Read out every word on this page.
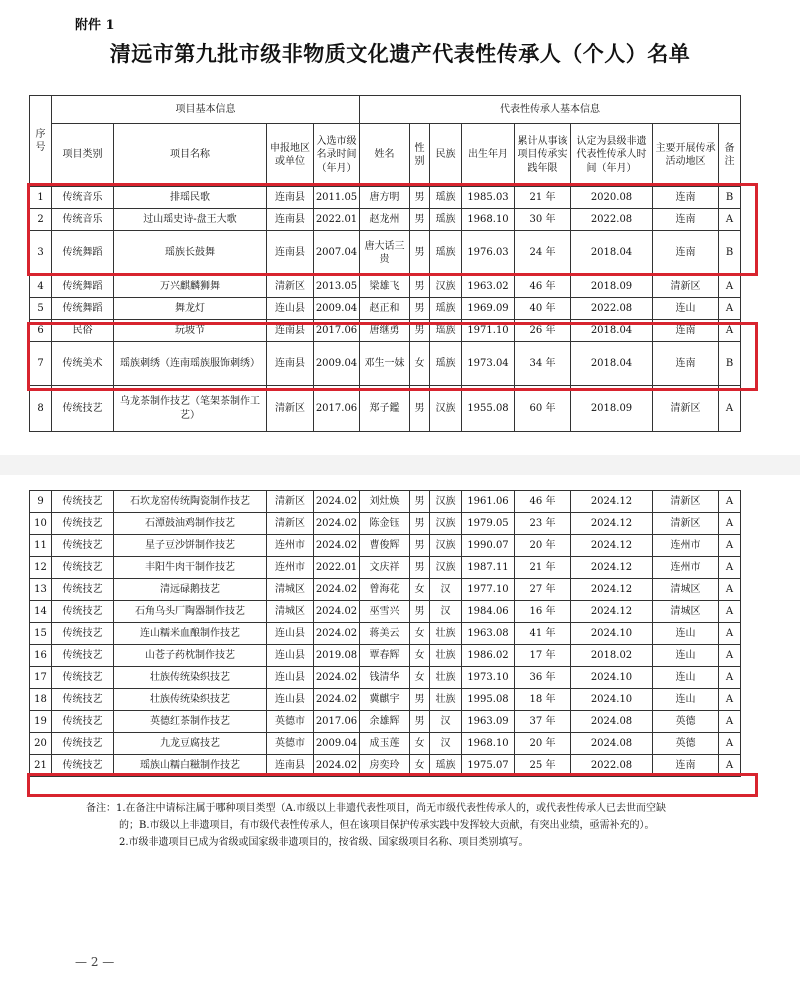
附件 1
清远市第九批市级非物质文化遗产代表性传承人（个人）名单
序号	项目基本信息				代表性传承人基本信息							
	项目类别	项目名称	申报地区或单位	入选市级名录时间（年月）	姓名	性别	民族	出生年月	累计从事该项目传承实践年限	认定为县级非遗代表性传承人时间（年月）	主要开展传承活动地区	备注
1	传统音乐	排瑶民歌	连南县	2011.05	唐方明	男	瑶族	1985.03	21 年	2020.08	连南	B
2	传统音乐	过山瑶史诗-盘王大歌	连南县	2022.01	赵龙州	男	瑶族	1968.10	30 年	2022.08	连南	A
3	传统舞蹈	瑶族长鼓舞	连南县	2007.04	唐大话三贵	男	瑶族	1976.03	24 年	2018.04	连南	B
4	传统舞蹈	万兴麒麟狮舞	清新区	2013.05	梁雄飞	男	汉族	1963.02	46 年	2018.09	清新区	A
5	传统舞蹈	舞龙灯	连山县	2009.04	赵正和	男	瑶族	1969.09	40 年	2022.08	连山	A
6	民俗	玩坡节	连南县	2017.06	唐继勇	男	瑶族	1971.10	26 年	2018.04	连南	A
7	传统美术	瑶族刺绣（连南瑶族服饰刺绣）	连南县	2009.04	邓生一妹	女	瑶族	1973.04	34 年	2018.04	连南	B
8	传统技艺	乌龙茶制作技艺（笔架茶制作工艺）	清新区	2017.06	郑子鑑	男	汉族	1955.08	60 年	2018.09	清新区	A
9	传统技艺	石坎龙窑传统陶瓷制作技艺	清新区	2024.02	刘灶焕	男	汉族	1961.06	46 年	2024.12	清新区	A
10	传统技艺	石潭鼓油鸡制作技艺	清新区	2024.02	陈金钰	男	汉族	1979.05	23 年	2024.12	清新区	A
11	传统技艺	星子豆沙饼制作技艺	连州市	2024.02	曹俊辉	男	汉族	1990.07	20 年	2024.12	连州市	A
12	传统技艺	丰阳牛肉干制作技艺	连州市	2022.01	文庆祥	男	汉族	1987.11	21 年	2024.12	连州市	A
13	传统技艺	清远碌鹅技艺	清城区	2024.02	曾海花	女	汉	1977.10	27 年	2024.12	清城区	A
14	传统技艺	石角乌头厂陶器制作技艺	清城区	2024.02	巫雪兴	男	汉	1984.06	16 年	2024.12	清城区	A
15	传统技艺	连山糯米血酿制作技艺	连山县	2024.02	蒋美云	女	壮族	1963.08	41 年	2024.10	连山	A
16	传统技艺	山苍子药枕制作技艺	连山县	2019.08	覃春辉	女	壮族	1986.02	17 年	2018.02	连山	A
17	传统技艺	壮族传统染织技艺	连山县	2024.02	钱清华	女	壮族	1973.10	36 年	2024.10	连山	A
18	传统技艺	壮族传统染织技艺	连山县	2024.02	冀麒宇	男	壮族	1995.08	18 年	2024.10	连山	A
19	传统技艺	英德红茶制作技艺	英德市	2017.06	余雄辉	男	汉	1963.09	37 年	2024.08	英德	A
20	传统技艺	九龙豆腐技艺	英德市	2009.04	成玉莲	女	汉	1968.10	20 年	2024.08	英德	A
21	传统技艺	瑶族山糯白糍制作技艺	连南县	2024.02	房奕玲	女	瑶族	1975.07	25 年	2022.08	连南	A

备注：1.在备注中请标注属于哪种项目类型（A.市级以上非遗代表性项目，尚无市级代表性传承人的，或代表性传承人已去世而空缺

的；B.市级以上非遗项目，有市级代表性传承人，但在该项目保护传承实践中发挥较大贡献，有突出业绩，亟需补充的）。

2.市级非遗项目已成为省级或国家级非遗项目的，按省级、国家级项目名称、项目类别填写。

— 2 —
